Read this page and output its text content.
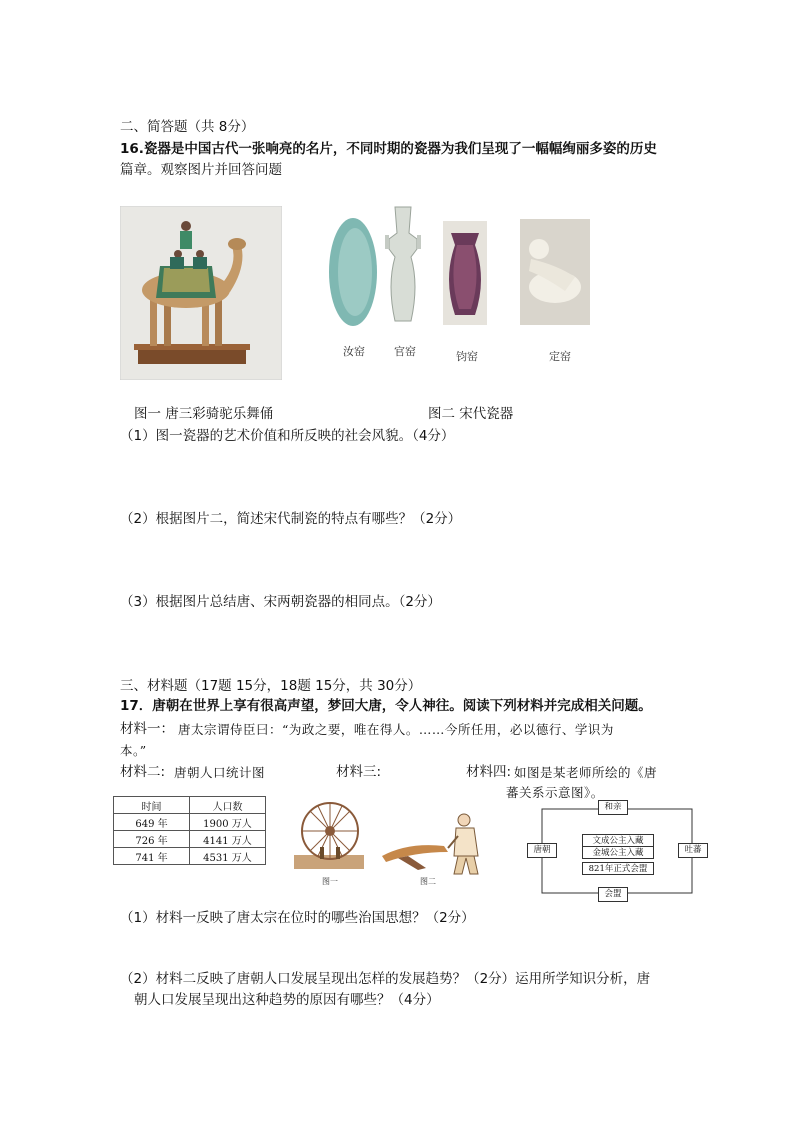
二、简答题（共 8分）
16.瓷器是中国古代一张响亮的名片，不同时期的瓷器为我们呈现了一幅幅绚丽多姿的历史
篇章。观察图片并回答问题
汝窑	官窑	钧窑	定窑
图一 唐三彩骑驼乐舞俑	图二 宋代瓷器
（1）图一瓷器的艺术价值和所反映的社会风貌。（4分）
（2）根据图片二，简述宋代制瓷的特点有哪些？（2分）
（3）根据图片总结唐、宋两朝瓷器的相同点。（2分）
三、材料题（17题 15分，18题 15分，共 30分）
17．唐朝在世界上享有很高声望，梦回大唐，令人神往。阅读下列材料并完成相关问题。
材料一： 唐太宗谓侍臣曰：“为政之要，唯在得人。……今所任用，必以德行、学识为
本。”
材料二: 唐朝人口统计图	材料三:	材料四: 如图是某老师所绘的《唐
蕃关系示意图》。
时间	人口数
649 年	1900 万人
726 年	4141 万人
741 年	4531 万人
图一	图二
和亲
唐朝	吐蕃
文成公主入藏
金城公主入藏
821年正式会盟
会盟
（1）材料一反映了唐太宗在位时的哪些治国思想？（2分）
（2）材料二反映了唐朝人口发展呈现出怎样的发展趋势？（2分）运用所学知识分析，唐
朝人口发展呈现出这种趋势的原因有哪些？（4分）
